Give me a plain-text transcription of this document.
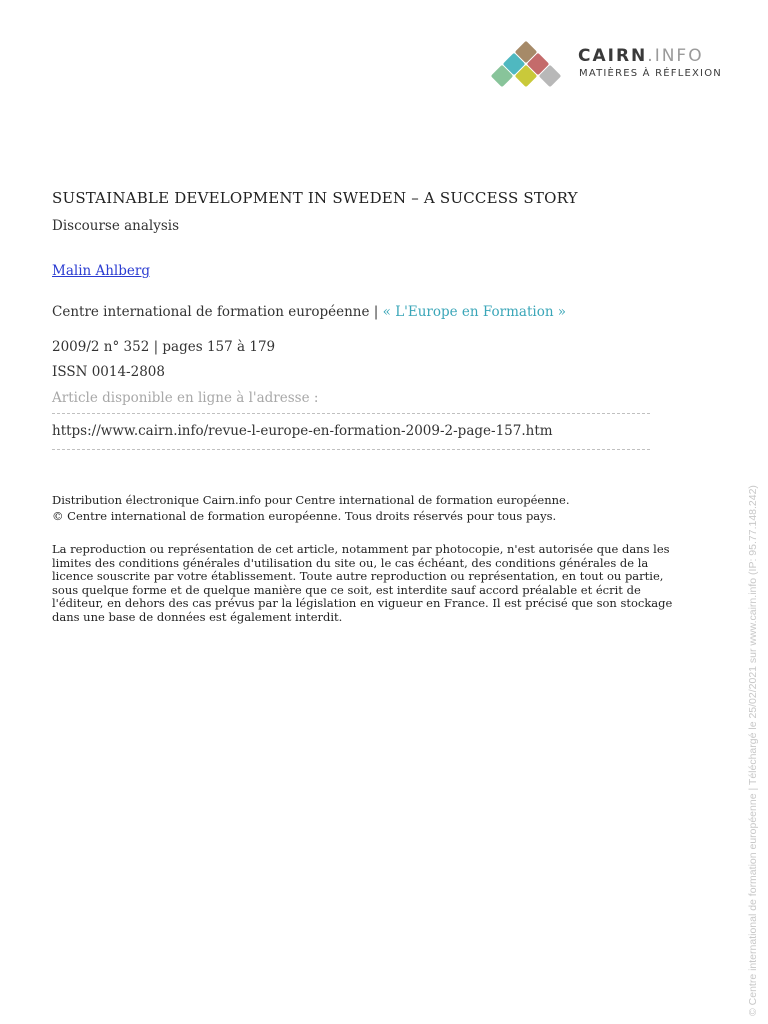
CAIRN.INFO
MATIÈRES À RÉFLEXION
SUSTAINABLE DEVELOPMENT IN SWEDEN – A SUCCESS STORY
Discourse analysis
Malin Ahlberg
Centre international de formation européenne | « L'Europe en Formation »
2009/2 n° 352 | pages 157 à 179
ISSN 0014-2808
Article disponible en ligne à l'adresse :
https://www.cairn.info/revue-l-europe-en-formation-2009-2-page-157.htm
Distribution électronique Cairn.info pour Centre international de formation européenne.
© Centre international de formation européenne. Tous droits réservés pour tous pays.
La reproduction ou représentation de cet article, notamment par photocopie, n'est autorisée que dans les
limites des conditions générales d'utilisation du site ou, le cas échéant, des conditions générales de la
licence souscrite par votre établissement. Toute autre reproduction ou représentation, en tout ou partie,
sous quelque forme et de quelque manière que ce soit, est interdite sauf accord préalable et écrit de
l'éditeur, en dehors des cas prévus par la législation en vigueur en France. Il est précisé que son stockage
dans une base de données est également interdit.	© Centre international de formation européenne | Téléchargé le 25/02/2021 sur www.cairn.info (IP: 95.77.148.242)
